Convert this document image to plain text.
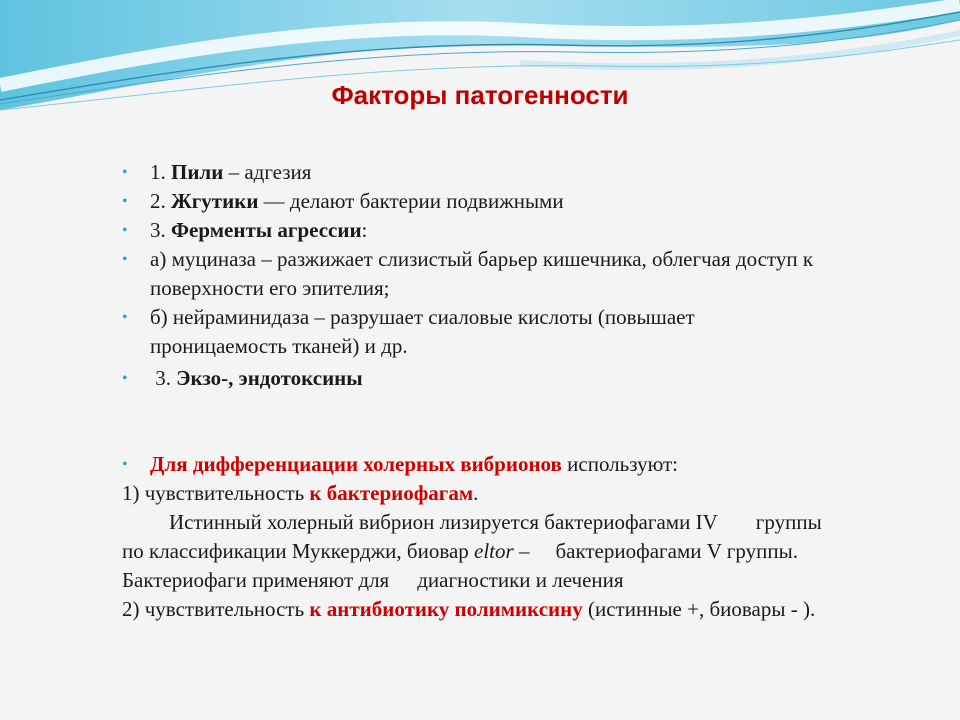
Факторы патогенности
• 1. Пили – адгезия
• 2. Жгутики — делают бактерии подвижными
• 3. Ферменты агрессии:
• а) муциназа – разжижает слизистый барьер кишечника, облегчая доступ к
поверхности его эпителия;
• б) нейраминидаза – разрушает сиаловые кислоты (повышает
проницаемость тканей) и др.
• 3. Экзо-, эндотоксины
• Для дифференциации холерных вибрионов используют:
1) чувствительность к бактериофагам.
Истинный холерный вибрион лизируется бактериофагами IV группы
по классификации Муккерджи, биовар eltor – бактериофагами V группы.
Бактериофаги применяют для диагностики и лечения
2) чувствительность к антибиотику полимиксину (истинные +, биовары - ).
